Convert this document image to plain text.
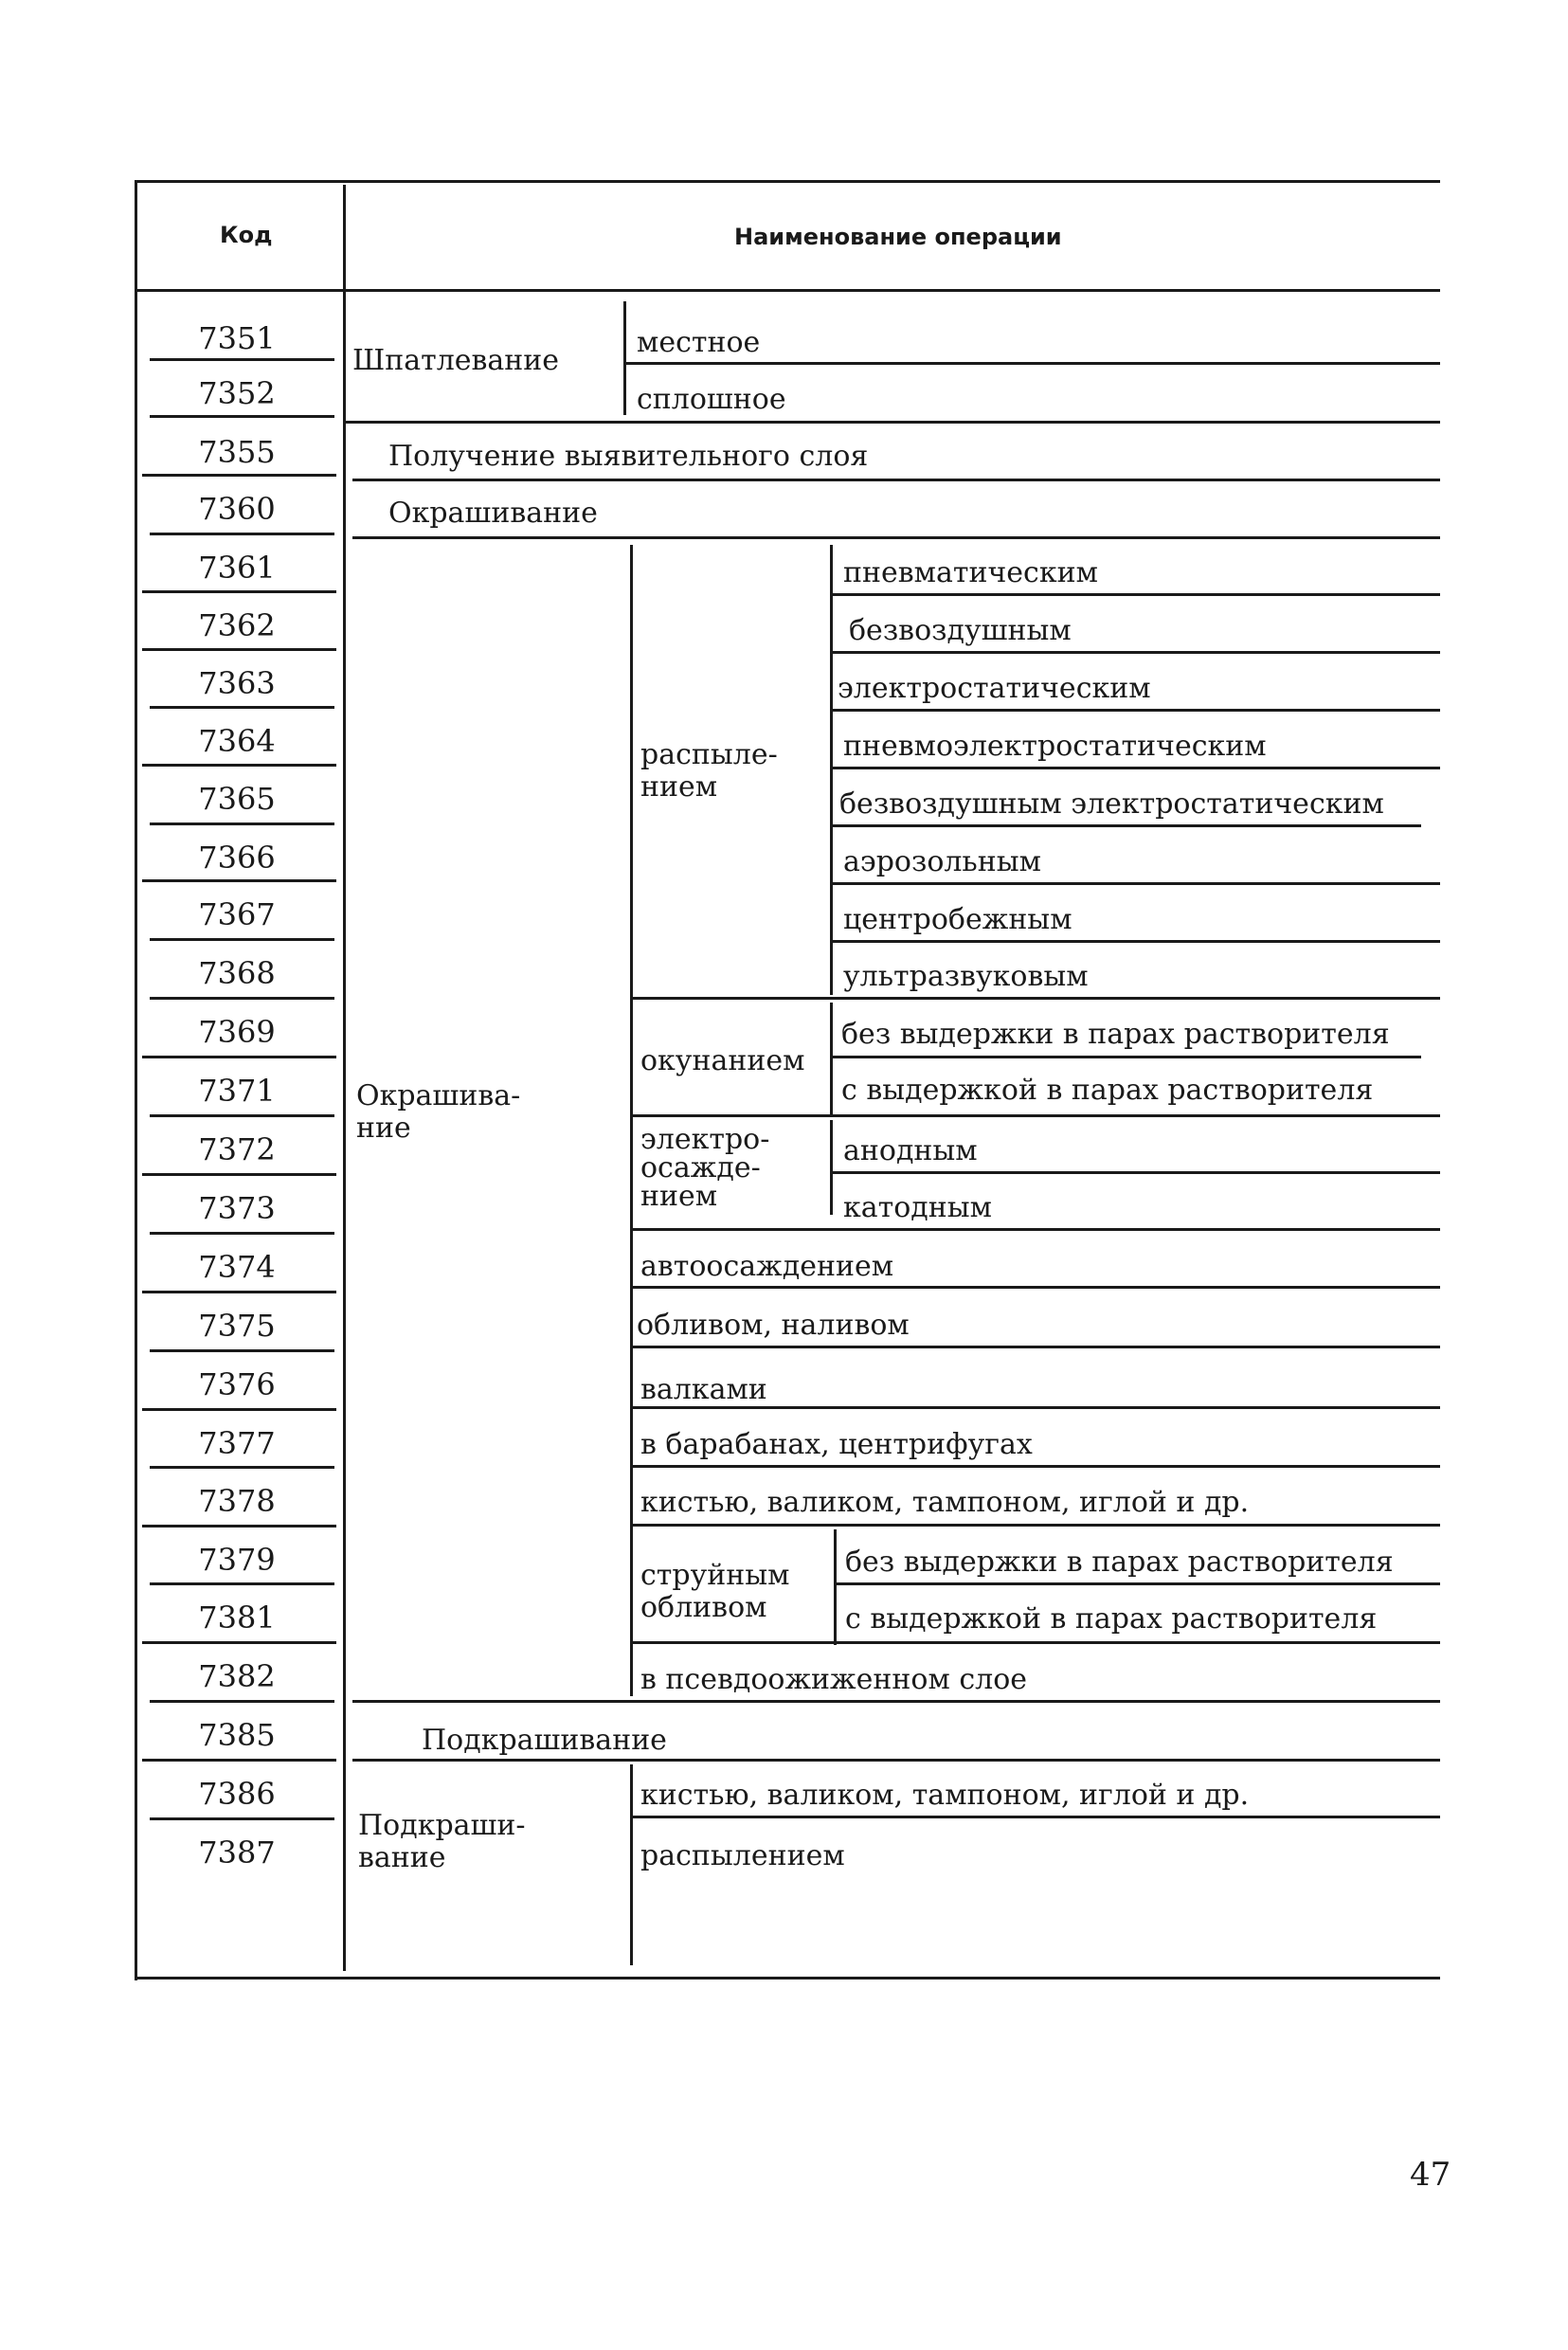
Код	Наименование операции
7351
7352
7355
7360
7361
7362
7363
7364
7365
7366
7367
7368
7369
7371
7372
7373
7374
7375
7376
7377
7378
7379
7381
7382
7385
7386
7387
Шпатлевание
местное
сплошное
Получение выявительного слоя
Окрашивание
Окрашива-
ние
распыле-
нием
пневматическим
безвоздушным
электростатическим
пневмоэлектростатическим
безвоздушным электростатическим
аэрозольным
центробежным
ультразвуковым
окунанием
без выдержки в парах растворителя
с выдержкой в парах растворителя
электро-
осажде-
нием
анодным
катодным
автоосаждением
обливом, наливом
валками
в барабанах, центрифугах
кистью, валиком, тампоном, иглой и др.
струйным
обливом
без выдержки в парах растворителя
с выдержкой в парах растворителя
в псевдоожиженном слое
Подкрашивание
Подкраши-
вание
кистью, валиком, тампоном, иглой и др.
распылением
47
